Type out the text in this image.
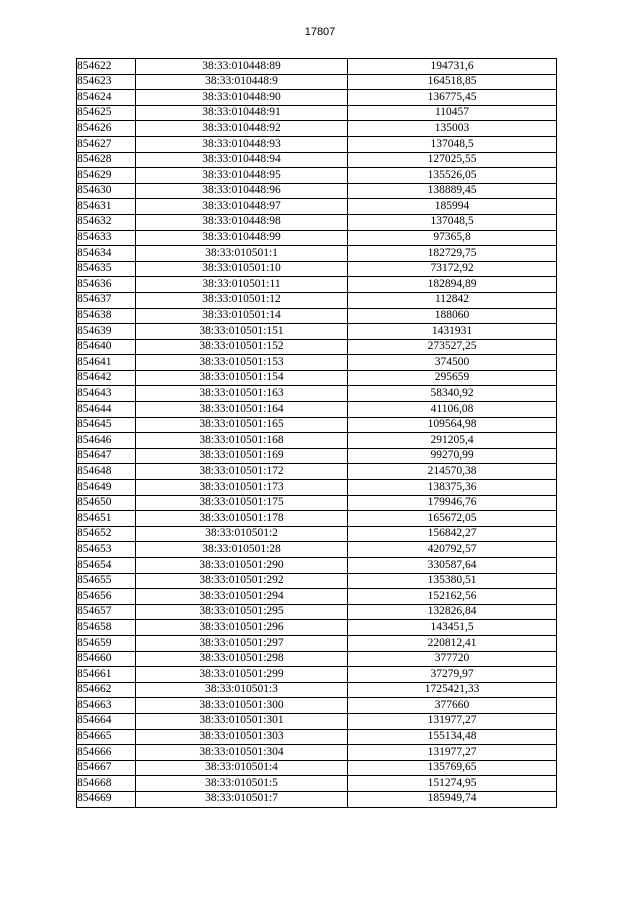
17807
854622	38:33:010448:89	194731,6
854623	38:33:010448:9	164518,85
854624	38:33:010448:90	136775,45
854625	38:33:010448:91	110457
854626	38:33:010448:92	135003
854627	38:33:010448:93	137048,5
854628	38:33:010448:94	127025,55
854629	38:33:010448:95	135526,05
854630	38:33:010448:96	138889,45
854631	38:33:010448:97	185994
854632	38:33:010448:98	137048,5
854633	38:33:010448:99	97365,8
854634	38:33:010501:1	182729,75
854635	38:33:010501:10	73172,92
854636	38:33:010501:11	182894,89
854637	38:33:010501:12	112842
854638	38:33:010501:14	188060
854639	38:33:010501:151	1431931
854640	38:33:010501:152	273527,25
854641	38:33:010501:153	374500
854642	38:33:010501:154	295659
854643	38:33:010501:163	58340,92
854644	38:33:010501:164	41106,08
854645	38:33:010501:165	109564,98
854646	38:33:010501:168	291205,4
854647	38:33:010501:169	99270,99
854648	38:33:010501:172	214570,38
854649	38:33:010501:173	138375,36
854650	38:33:010501:175	179946,76
854651	38:33:010501:178	165672,05
854652	38:33:010501:2	156842,27
854653	38:33:010501:28	420792,57
854654	38:33:010501:290	330587,64
854655	38:33:010501:292	135380,51
854656	38:33:010501:294	152162,56
854657	38:33:010501:295	132826,84
854658	38:33:010501:296	143451,5
854659	38:33:010501:297	220812,41
854660	38:33:010501:298	377720
854661	38:33:010501:299	37279,97
854662	38:33:010501:3	1725421,33
854663	38:33:010501:300	377660
854664	38:33:010501:301	131977,27
854665	38:33:010501:303	155134,48
854666	38:33:010501:304	131977,27
854667	38:33:010501:4	135769,65
854668	38:33:010501:5	151274,95
854669	38:33:010501:7	185949,74
